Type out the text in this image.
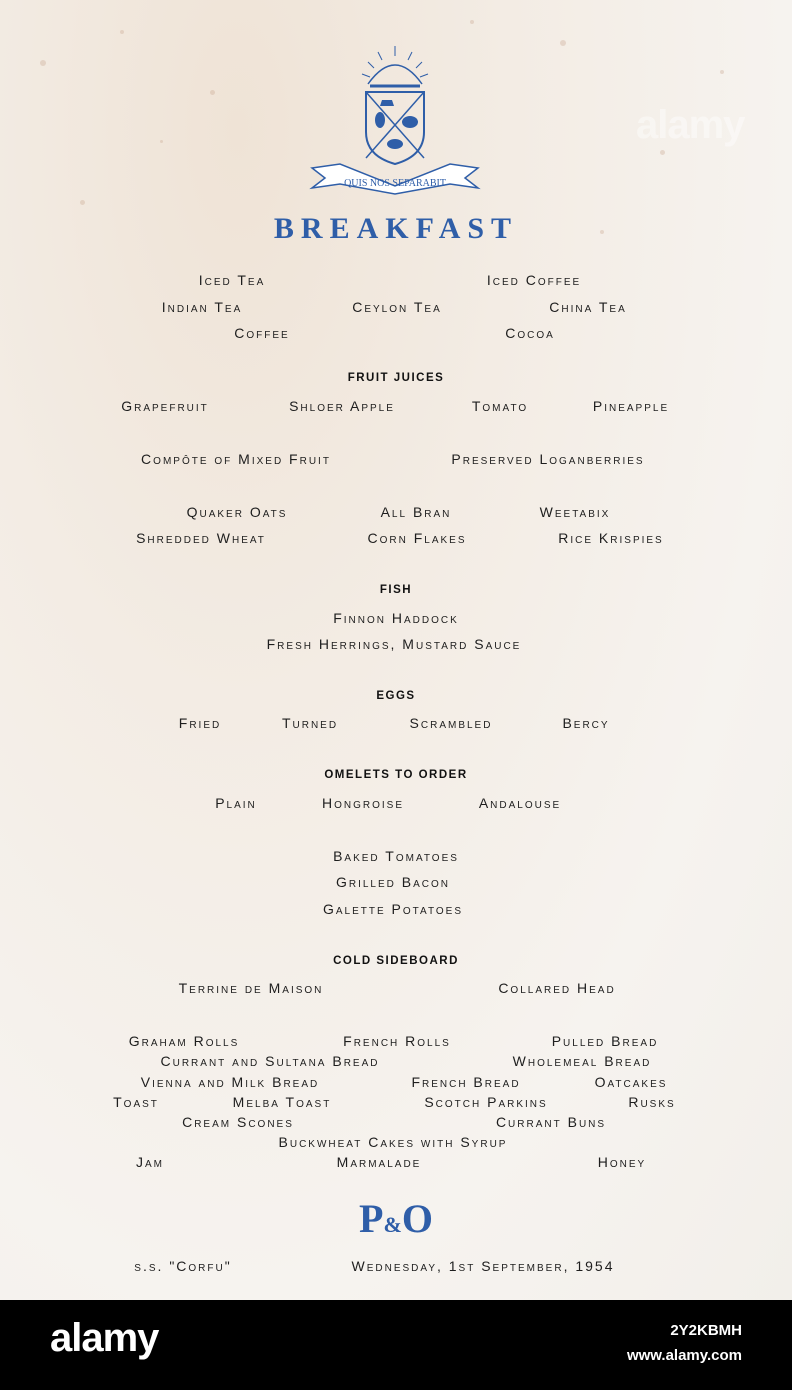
alamy
QUIS NOS SEPARABIT
BREAKFAST
Iced Tea	Iced Coffee
Indian Tea	Ceylon Tea	China Tea
Coffee	Cocoa
FRUIT JUICES
Grapefruit	Shloer Apple	Tomato	Pineapple
Compôte of Mixed Fruit	Preserved Loganberries
Quaker Oats	All Bran	Weetabix
Shredded Wheat	Corn Flakes	Rice Krispies
FISH
Finnon Haddock
Fresh Herrings, Mustard Sauce
EGGS
Fried	Turned	Scrambled	Bercy
OMELETS TO ORDER
Plain	Hongroise	Andalouse
Baked Tomatoes
Grilled Bacon
Galette Potatoes
COLD SIDEBOARD
Terrine de Maison	Collared Head
Graham Rolls	French Rolls	Pulled Bread
Currant and Sultana Bread	Wholemeal Bread
Vienna and Milk Bread	French Bread	Oatcakes
Toast	Melba Toast	Scotch Parkins	Rusks
Cream Scones	Currant Buns
Buckwheat Cakes with Syrup
Jam	Marmalade	Honey
P&O
s.s. "Corfu"	Wednesday, 1st September, 1954
alamy	2Y2KBMH
www.alamy.com
